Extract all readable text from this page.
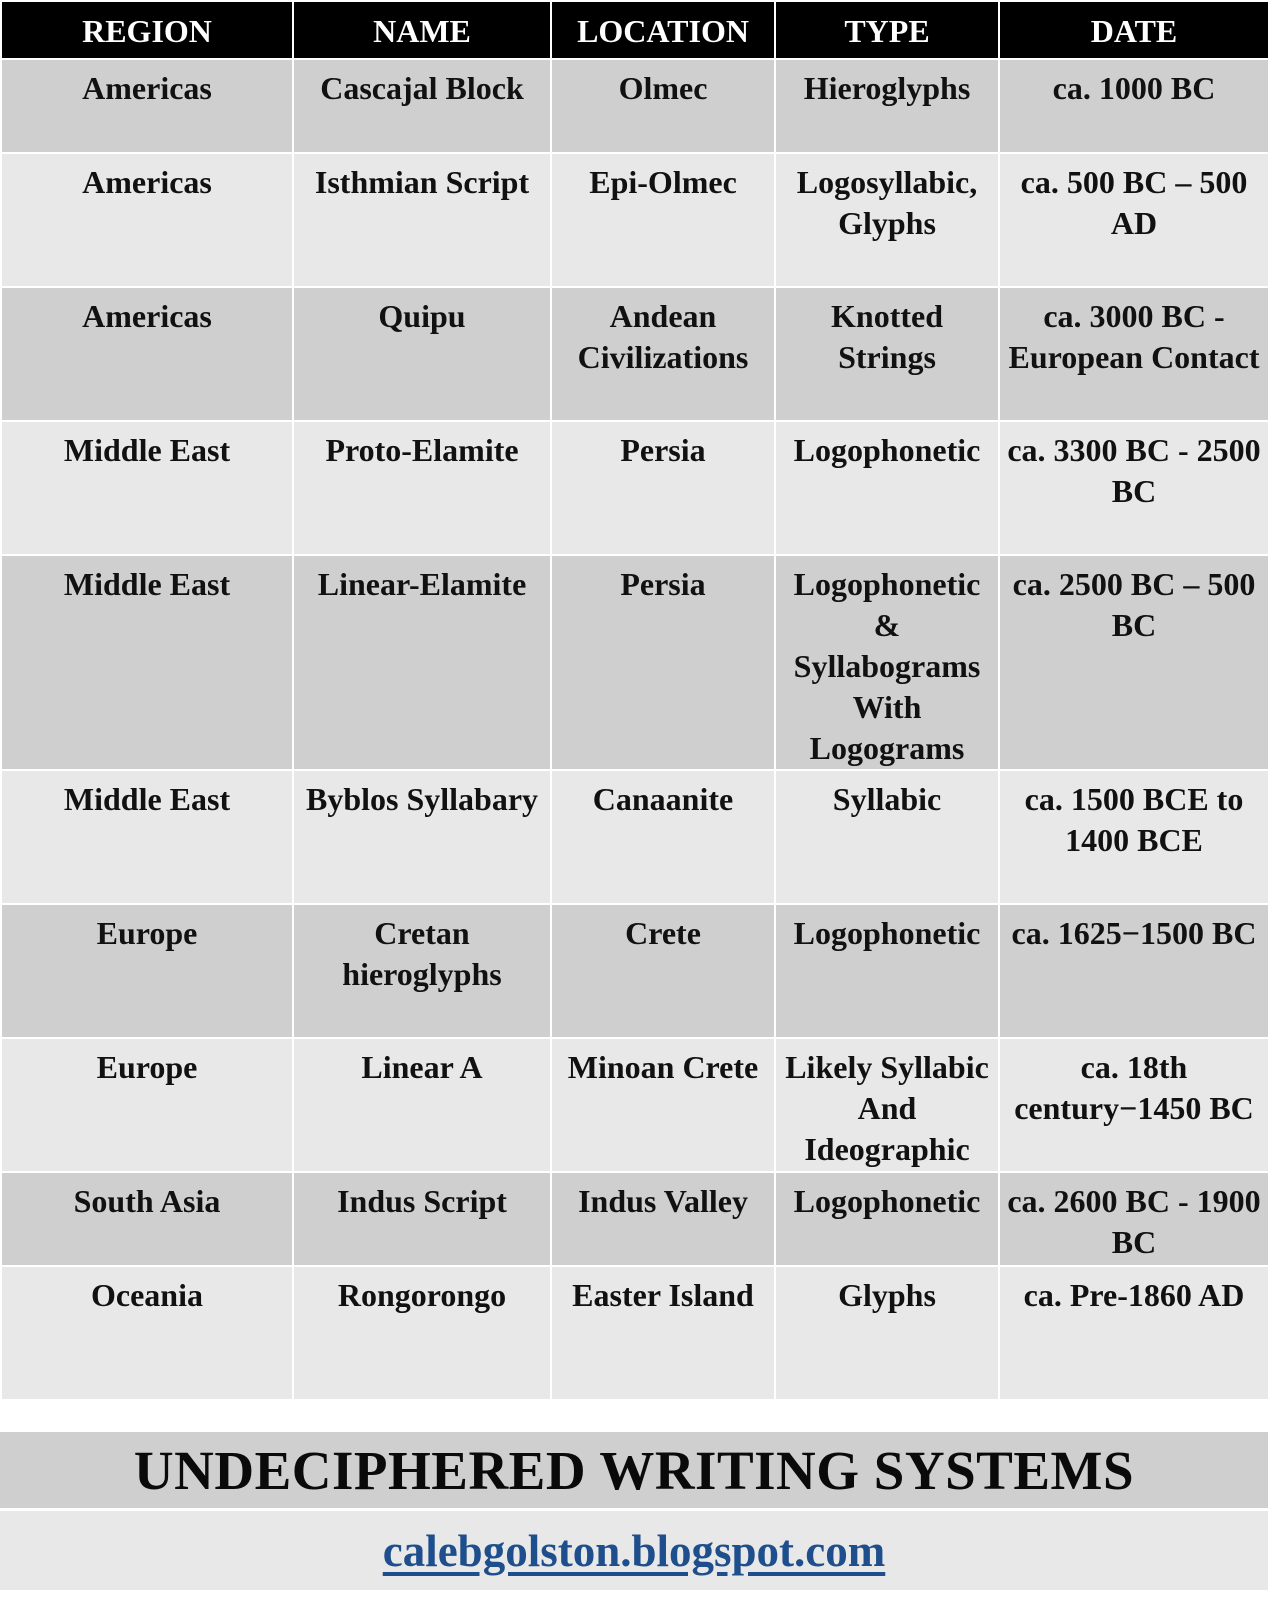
REGION	NAME	LOCATION	TYPE	DATE
Americas	Cascajal Block	Olmec	Hieroglyphs	ca. 1000 BC
Americas	Isthmian Script	Epi-Olmec	Logosyllabic, Glyphs	ca. 500 BC – 500 AD
Americas	Quipu	Andean Civilizations	Knotted Strings	ca. 3000 BC - European Contact
Middle East	Proto-Elamite	Persia	Logophonetic	ca. 3300 BC - 2500 BC
Middle East	Linear-Elamite	Persia	Logophonetic & Syllabograms With Logograms	ca. 2500 BC – 500 BC
Middle East	Byblos Syllabary	Canaanite	Syllabic	ca. 1500 BCE to 1400 BCE
Europe	Cretan hieroglyphs	Crete	Logophonetic	ca. 1625−1500 BC
Europe	Linear A	Minoan Crete	Likely Syllabic And Ideographic	ca. 18th century−1450 BC
South Asia	Indus Script	Indus Valley	Logophonetic	ca. 2600 BC - 1900 BC
Oceania	Rongorongo	Easter Island	Glyphs	ca. Pre-1860 AD
UNDECIPHERED WRITING SYSTEMS
calebgolston.blogspot.com
